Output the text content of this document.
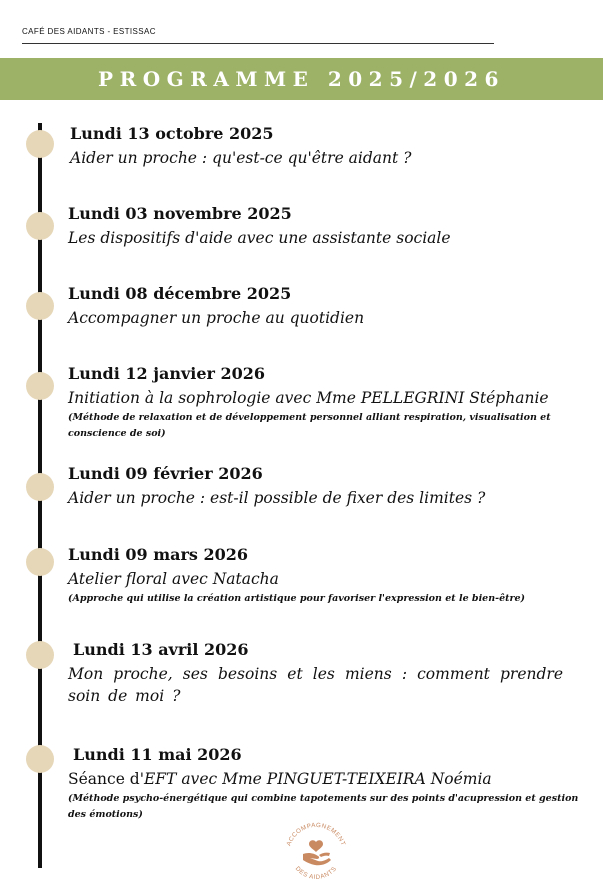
CAFÉ DES AIDANTS - ESTISSAC
PROGRAMME 2025/2026
Lundi 13 octobre 2025
Aider un proche : qu'est-ce qu'être aidant ?
Lundi 03 novembre 2025
Les dispositifs d'aide avec une assistante sociale
Lundi 08 décembre 2025
Accompagner un proche au quotidien
Lundi 12 janvier 2026
Initiation à la sophrologie avec Mme PELLEGRINI Stéphanie
(Méthode de relaxation et de développement personnel alliant respiration, visualisation et conscience de soi)
Lundi 09 février 2026
Aider un proche : est-il possible de fixer des limites ?
Lundi 09 mars 2026
Atelier floral avec Natacha
(Approche qui utilise la création artistique pour favoriser l'expression et le bien-être)
Lundi 13 avril 2026
Mon proche, ses besoins et les miens : comment prendre soin de moi ?
Lundi 11 mai 2026
Séance d'EFT avec Mme PINGUET-TEIXEIRA Noémia
(Méthode psycho-énergétique qui combine tapotements sur des points d'acupression et gestion des émotions)
ACCOMPAGNEMENT
DES AIDANTS
